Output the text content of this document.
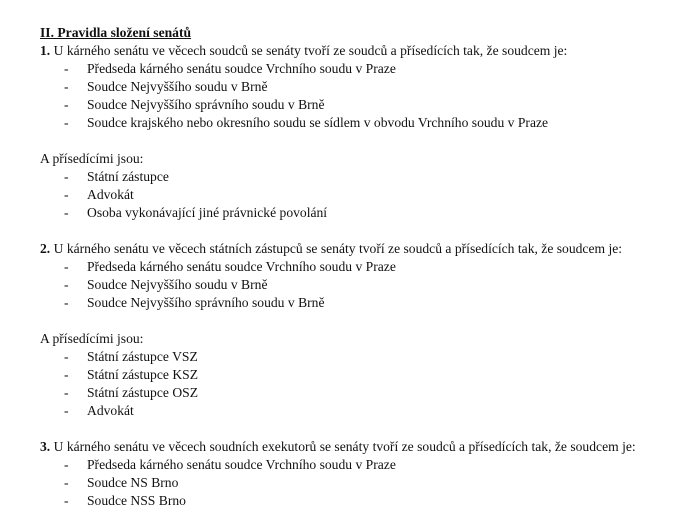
II. Pravidla složení senátů
1. U kárného senátu ve věcech soudců se senáty tvoří ze soudců a přísedících tak, že soudcem je:
- Předseda kárného senátu soudce Vrchního soudu v Praze
- Soudce Nejvyššího soudu v Brně
- Soudce Nejvyššího správního soudu v Brně
- Soudce krajského nebo okresního soudu se sídlem v obvodu Vrchního soudu v Praze
A přísedícími jsou:
- Státní zástupce
- Advokát
- Osoba vykonávající jiné právnické povolání
2. U kárného senátu ve věcech státních zástupců se senáty tvoří ze soudců a přísedících tak, že soudcem je:
- Předseda kárného senátu soudce Vrchního soudu v Praze
- Soudce Nejvyššího soudu v Brně
- Soudce Nejvyššího správního soudu v Brně
A přísedícími jsou:
- Státní zástupce VSZ
- Státní zástupce KSZ
- Státní zástupce OSZ
- Advokát
3. U kárného senátu ve věcech soudních exekutorů se senáty tvoří ze soudců a přísedících tak, že soudcem je:
- Předseda kárného senátu soudce Vrchního soudu v Praze
- Soudce NS Brno
- Soudce NSS Brno
